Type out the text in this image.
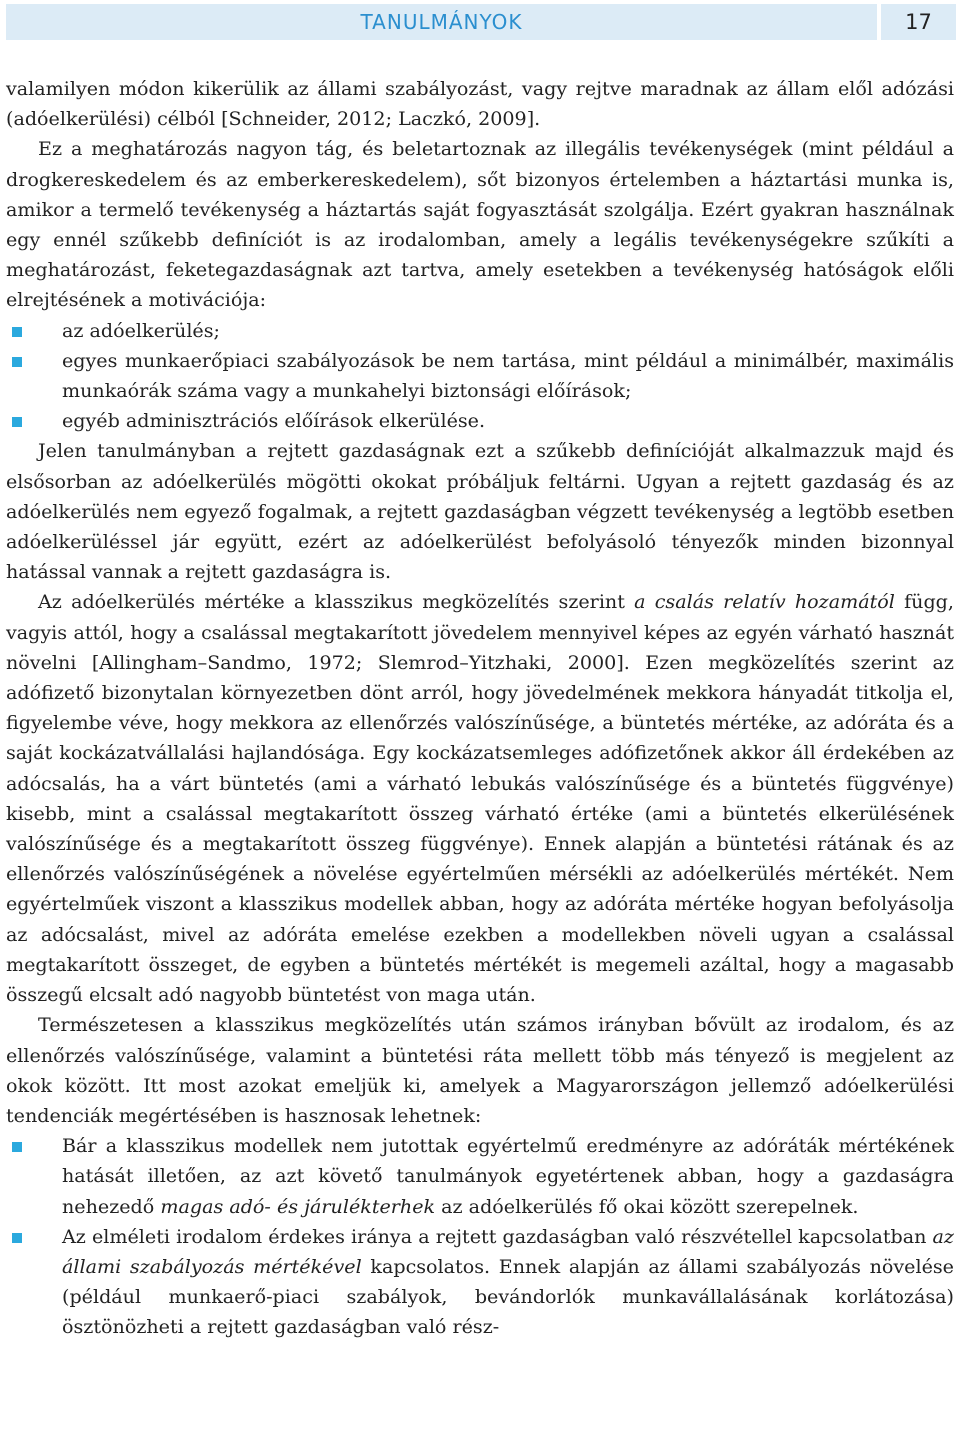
TANULMÁNYOK	17

valamilyen módon kikerülik az állami szabályozást, vagy rejtve maradnak az állam elől adózási (adóelkerülési) célból [Schneider, 2012; Laczkó, 2009].

Ez a meghatározás nagyon tág, és beletartoznak az illegális tevékenységek (mint például a drogkereskedelem és az emberkereskedelem), sőt bizonyos értelemben a háztartási munka is, amikor a termelő tevékenység a háztartás saját fogyasztását szolgálja. Ezért gyakran használnak egy ennél szűkebb definíciót is az irodalomban, amely a legális tevékenységekre szűkíti a meghatározást, feketegazdaságnak azt tartva, amely esetekben a tevékenység hatóságok előli elrejtésének a motivációja:

az adóelkerülés;
egyes munkaerőpiaci szabályozások be nem tartása, mint például a minimálbér, maximális munkaórák száma vagy a munkahelyi biztonsági előírások;
egyéb adminisztrációs előírások elkerülése.

Jelen tanulmányban a rejtett gazdaságnak ezt a szűkebb definícióját alkalmazzuk majd és elsősorban az adóelkerülés mögötti okokat próbáljuk feltárni. Ugyan a rejtett gazdaság és az adóelkerülés nem egyező fogalmak, a rejtett gazdaságban végzett tevékenység a legtöbb esetben adóelkerüléssel jár együtt, ezért az adóelkerülést befolyásoló tényezők minden bizonnyal hatással vannak a rejtett gazdaságra is.

Az adóelkerülés mértéke a klasszikus megközelítés szerint a csalás relatív hozamától függ, vagyis attól, hogy a csalással megtakarított jövedelem mennyivel képes az egyén várható hasznát növelni [Allingham–Sandmo, 1972; Slemrod–Yitzhaki, 2000]. Ezen megközelítés szerint az adófizető bizonytalan környezetben dönt arról, hogy jövedelmének mekkora hányadát titkolja el, figyelembe véve, hogy mekkora az ellenőrzés valószínűsége, a büntetés mértéke, az adóráta és a saját kockázatvállalási hajlandósága. Egy kockázatsemleges adófizetőnek akkor áll érdekében az adócsalás, ha a várt büntetés (ami a várható lebukás valószínűsége és a büntetés függvénye) kisebb, mint a csalással megtakarított összeg várható értéke (ami a büntetés elkerülésének valószínűsége és a megtakarított összeg függvénye). Ennek alapján a büntetési rátának és az ellenőrzés valószínűségének a növelése egyértelműen mérsékli az adóelkerülés mértékét. Nem egyértelműek viszont a klasszikus modellek abban, hogy az adóráta mértéke hogyan befolyásolja az adócsalást, mivel az adóráta emelése ezekben a modellekben növeli ugyan a csalással megtakarított összeget, de egyben a büntetés mértékét is megemeli azáltal, hogy a magasabb összegű elcsalt adó nagyobb büntetést von maga után.

Természetesen a klasszikus megközelítés után számos irányban bővült az irodalom, és az ellenőrzés valószínűsége, valamint a büntetési ráta mellett több más tényező is megjelent az okok között. Itt most azokat emeljük ki, amelyek a Magyarországon jellemző adóelkerülési tendenciák megértésében is hasznosak lehetnek:

Bár a klasszikus modellek nem jutottak egyértelmű eredményre az adóráták mértékének hatását illetően, az azt követő tanulmányok egyetértenek abban, hogy a gazdaságra nehezedő magas adó- és járulékterhek az adóelkerülés fő okai között szerepelnek.
Az elméleti irodalom érdekes iránya a rejtett gazdaságban való részvétellel kapcsolatban az állami szabályozás mértékével kapcsolatos. Ennek alapján az állami szabályozás növelése (például munkaerő-piaci szabályok, bevándorlók munkavállalásának korlátozása) ösztönözheti a rejtett gazdaságban való rész-
